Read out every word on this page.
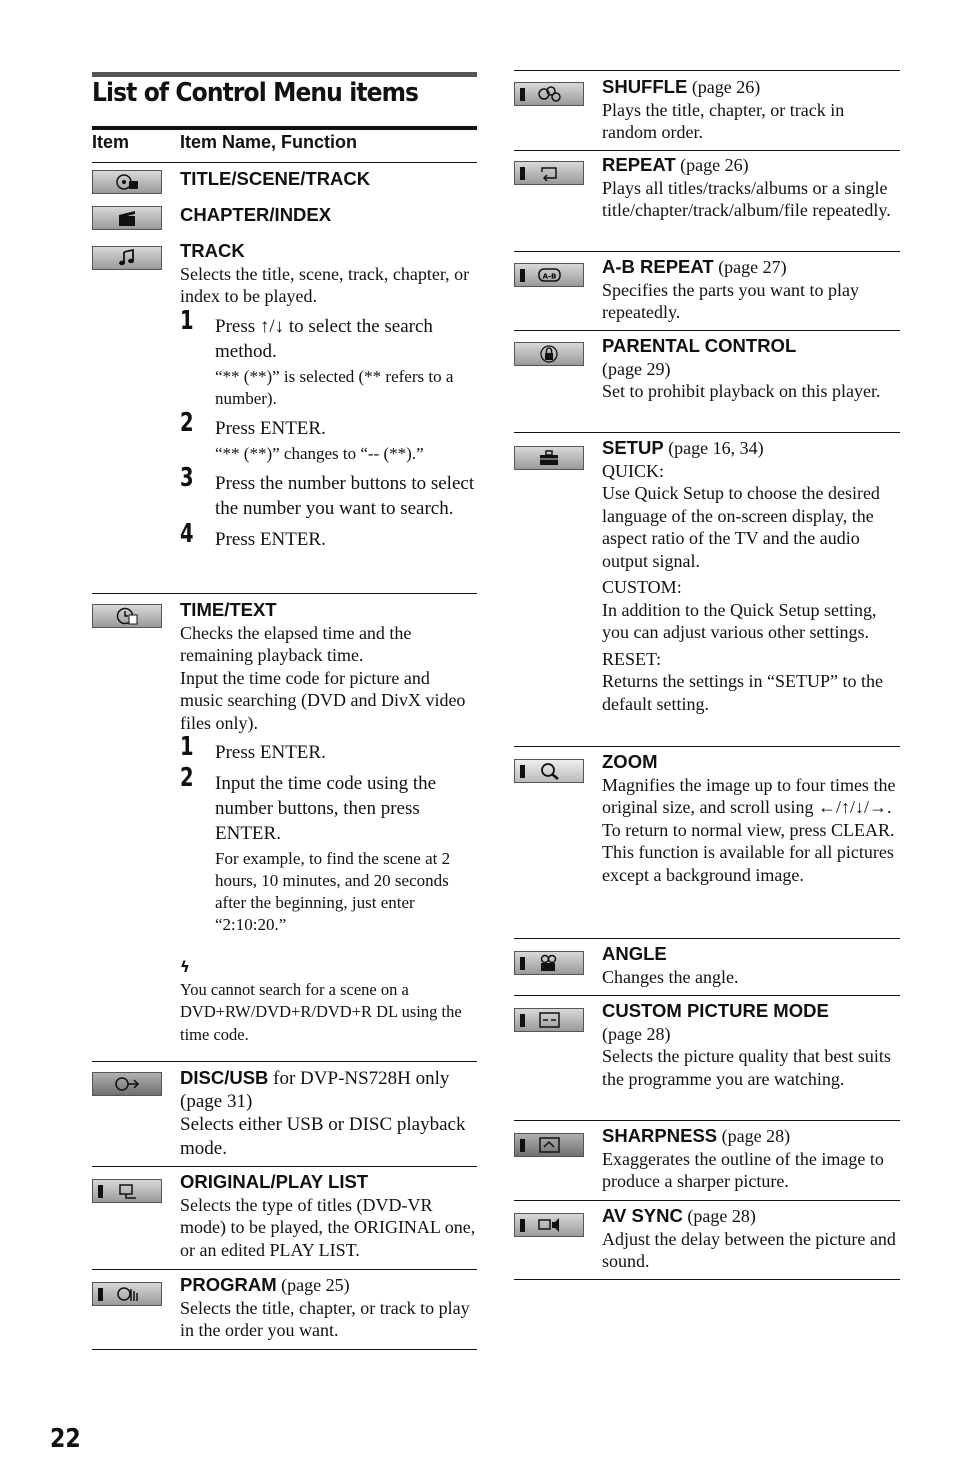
List of Control Menu items
Item	Item Name, Function
TITLE/SCENE/TRACK
CHAPTER/INDEX
TRACK

Selects the title, scene, track, chapter, or index to be played.

1 Press ↑/↓ to select the search method.
“** (**)” is selected (** refers to a number).
2 Press ENTER.
“** (**)” changes to “-- (**).”
3 Press the number buttons to select the number you want to search.
4 Press ENTER.
TIME/TEXT

Checks the elapsed time and the remaining playback time.

Input the time code for picture and music searching (DVD and DivX video files only).

1 Press ENTER.
2 Input the time code using the number buttons, then press ENTER.
For example, to find the scene at 2 hours, 10 minutes, and 20 seconds after the beginning, just enter “2:10:20.”
ϟ

You cannot search for a scene on a DVD+RW/DVD+R/DVD+R DL using the time code.

DISC/USB for DVP-NS728H only (page 31)

Selects either USB or DISC playback mode.

ORIGINAL/PLAY LIST

Selects the type of titles (DVD-VR mode) to be played, the ORIGINAL one, or an edited PLAY LIST.

PROGRAM (page 25)

Selects the title, chapter, or track to play in the order you want.

SHUFFLE (page 26)

Plays the title, chapter, or track in random order.

REPEAT (page 26)

Plays all titles/tracks/albums or a single title/chapter/track/album/file repeatedly.

A-B A-B REPEAT (page 27)

Specifies the parts you want to play repeatedly.

PARENTAL CONTROL
(page 29)

Set to prohibit playback on this player.

SETUP (page 16, 34)
QUICK:

Use Quick Setup to choose the desired language of the on-screen display, the aspect ratio of the TV and the audio output signal.

CUSTOM:

In addition to the Quick Setup setting, you can adjust various other settings.

RESET:

Returns the settings in “SETUP” to the default setting.

ZOOM

Magnifies the image up to four times the original size, and scroll using ←/↑/↓/→.

To return to normal view, press CLEAR.

This function is available for all pictures except a background image.

ANGLE

Changes the angle.

CUSTOM PICTURE MODE
(page 28)

Selects the picture quality that best suits the programme you are watching.

SHARPNESS (page 28)

Exaggerates the outline of the image to produce a sharper picture.

AV SYNC (page 28)

Adjust the delay between the picture and sound.

22
